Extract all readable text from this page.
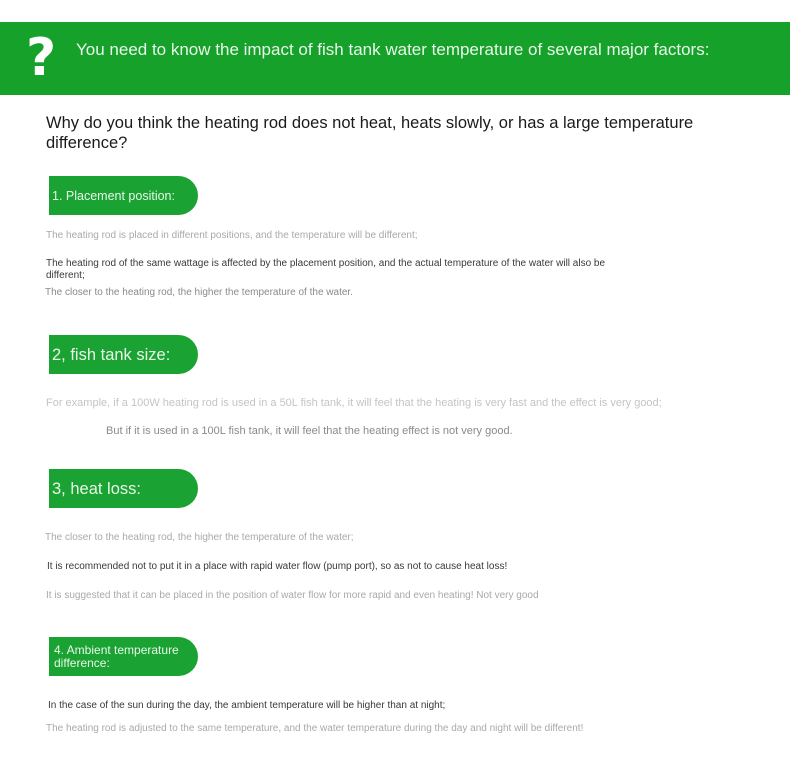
? You need to know the impact of fish tank water temperature of several major factors:
Why do you think the heating rod does not heat, heats slowly, or has a large temperature difference?
1. Placement position:
The heating rod is placed in different positions, and the temperature will be different;
The heating rod of the same wattage is affected by the placement position, and the actual temperature of the water will also be different;
The closer to the heating rod, the higher the temperature of the water.
2, fish tank size:
For example, if a 100W heating rod is used in a 50L fish tank, it will feel that the heating is very fast and the effect is very good;
But if it is used in a 100L fish tank, it will feel that the heating effect is not very good.
3, heat loss:
The closer to the heating rod, the higher the temperature of the water;
It is recommended not to put it in a place with rapid water flow (pump port), so as not to cause heat loss!
It is suggested that it can be placed in the position of water flow for more rapid and even heating! Not very good
4. Ambient temperature difference:
In the case of the sun during the day, the ambient temperature will be higher than at night;
The heating rod is adjusted to the same temperature, and the water temperature during the day and night will be different!
